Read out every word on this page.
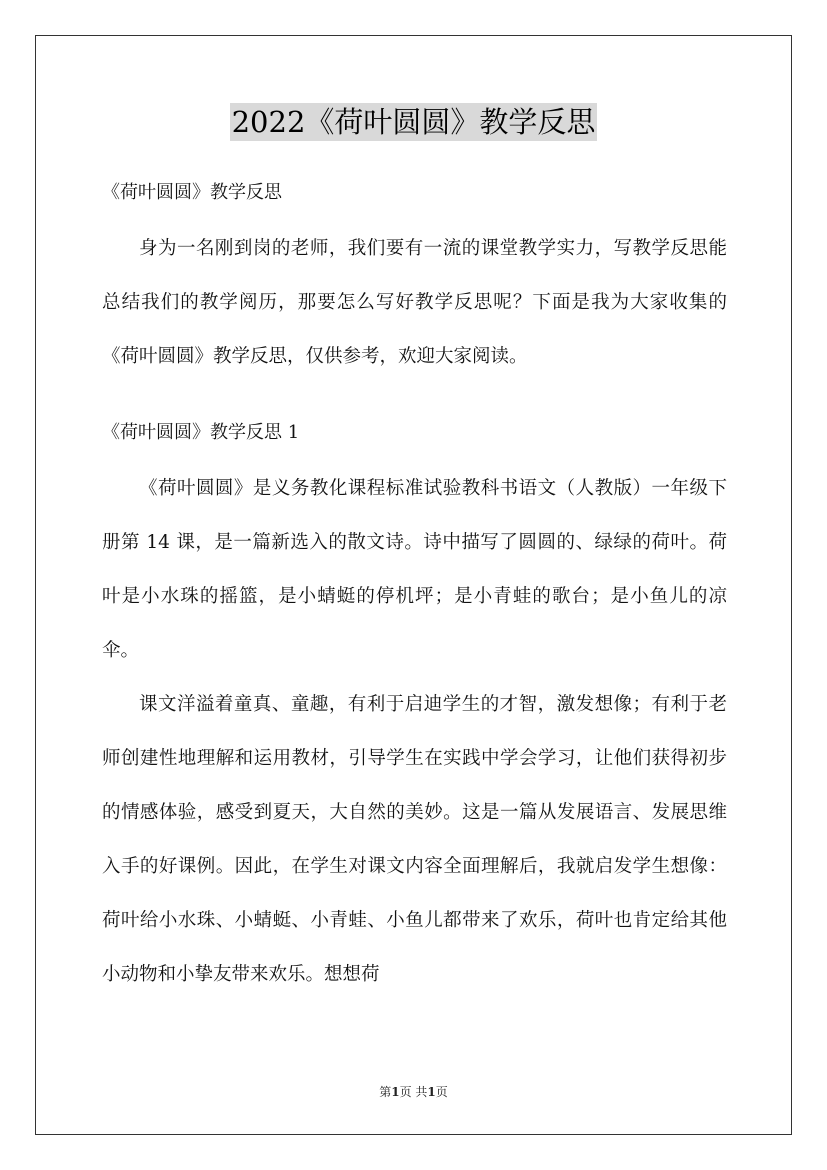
2022《荷叶圆圆》教学反思

《荷叶圆圆》教学反思

身为一名刚到岗的老师，我们要有一流的课堂教学实力，写教学反思能总结我们的教学阅历，那要怎么写好教学反思呢？下面是我为大家收集的《荷叶圆圆》教学反思，仅供参考，欢迎大家阅读。

《荷叶圆圆》教学反思 1

《荷叶圆圆》是义务教化课程标准试验教科书语文（人教版）一年级下册第 14 课，是一篇新选入的散文诗。诗中描写了圆圆的、绿绿的荷叶。荷叶是小水珠的摇篮，是小蜻蜓的停机坪；是小青蛙的歌台；是小鱼儿的凉伞。

课文洋溢着童真、童趣，有利于启迪学生的才智，激发想像；有利于老师创建性地理解和运用教材，引导学生在实践中学会学习，让他们获得初步的情感体验，感受到夏天，大自然的美妙。这是一篇从发展语言、发展思维入手的好课例。因此，在学生对课文内容全面理解后，我就启发学生想像：荷叶给小水珠、小蜻蜓、小青蛙、小鱼儿都带来了欢乐，荷叶也肯定给其他小动物和小挚友带来欢乐。想想荷

第1页 共1页
